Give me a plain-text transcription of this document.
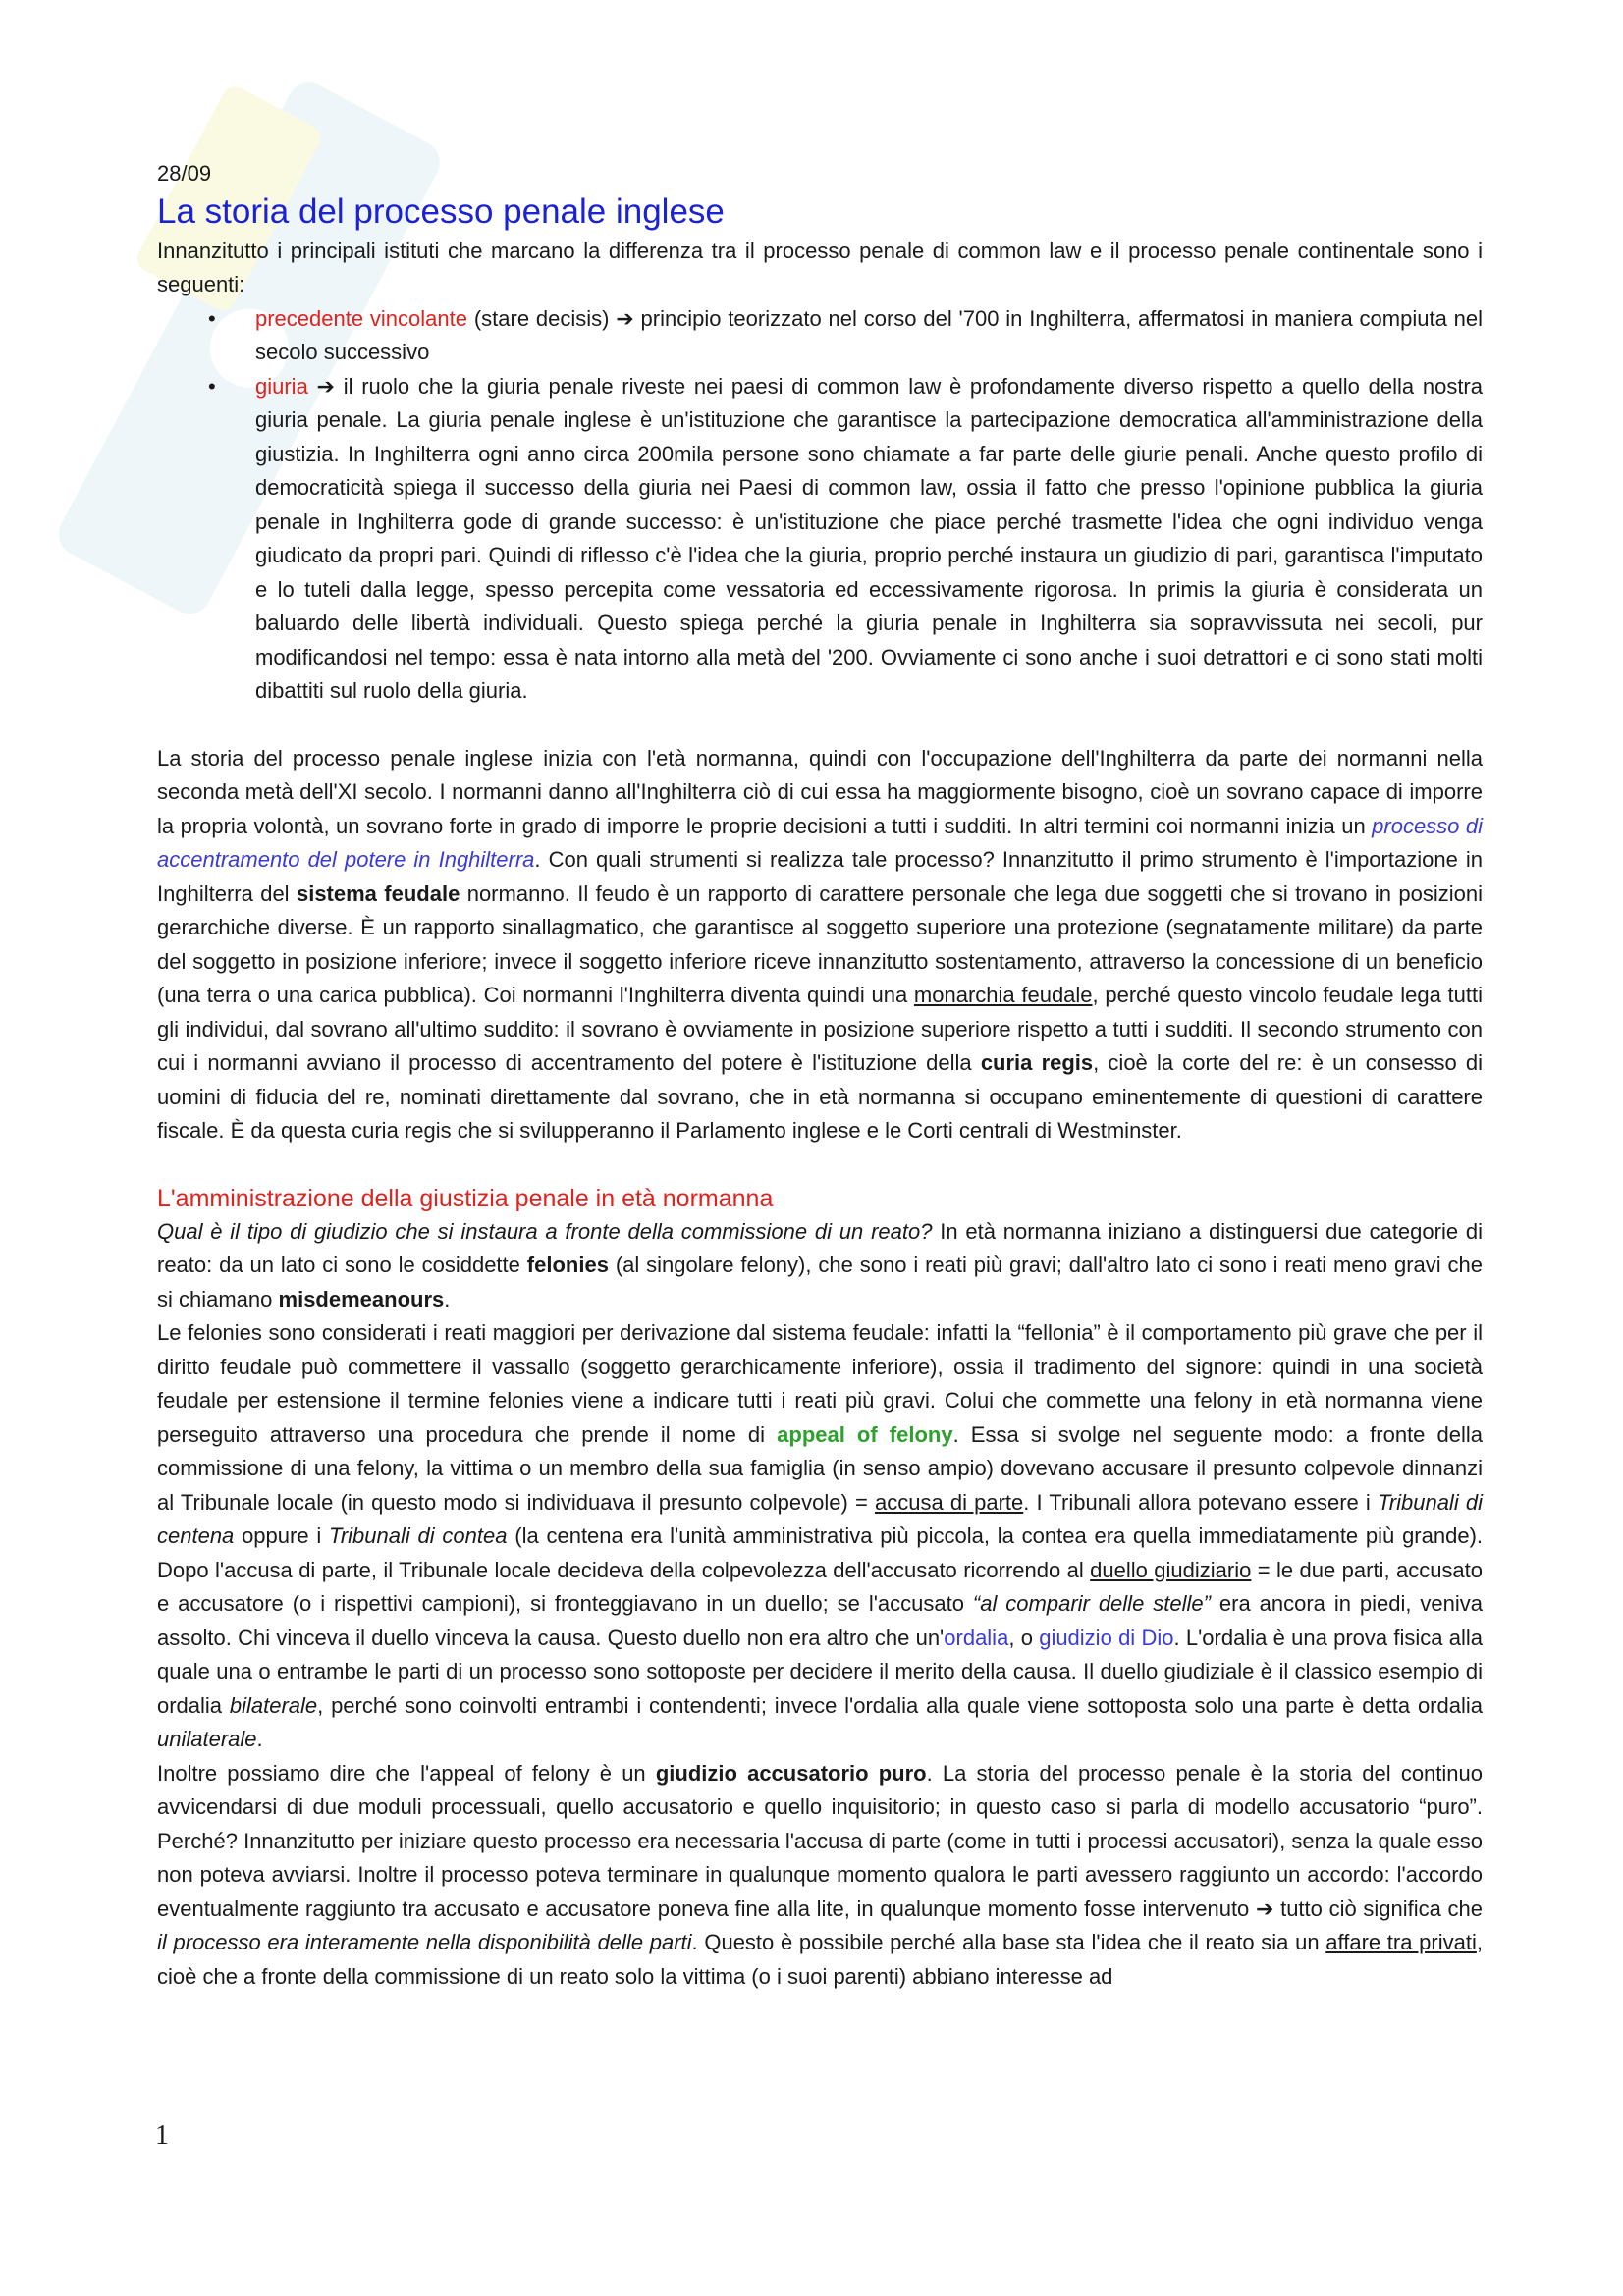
28/09
La storia del processo penale inglese

Innanzitutto i principali istituti che marcano la differenza tra il processo penale di common law e il processo penale continentale sono i seguenti:

• precedente vincolante (stare decisis) ➔ principio teorizzato nel corso del '700 in Inghilterra, affermatosi in maniera compiuta nel secolo successivo
• giuria ➔ il ruolo che la giuria penale riveste nei paesi di common law è profondamente diverso rispetto a quello della nostra giuria penale. La giuria penale inglese è un'istituzione che garantisce la partecipazione democratica all'amministrazione della giustizia. In Inghilterra ogni anno circa 200mila persone sono chiamate a far parte delle giurie penali. Anche questo profilo di democraticità spiega il successo della giuria nei Paesi di common law, ossia il fatto che presso l'opinione pubblica la giuria penale in Inghilterra gode di grande successo: è un'istituzione che piace perché trasmette l'idea che ogni individuo venga giudicato da propri pari. Quindi di riflesso c'è l'idea che la giuria, proprio perché instaura un giudizio di pari, garantisca l'imputato e lo tuteli dalla legge, spesso percepita come vessatoria ed eccessivamente rigorosa. In primis la giuria è considerata un baluardo delle libertà individuali. Questo spiega perché la giuria penale in Inghilterra sia sopravvissuta nei secoli, pur modificandosi nel tempo: essa è nata intorno alla metà del '200. Ovviamente ci sono anche i suoi detrattori e ci sono stati molti dibattiti sul ruolo della giuria.

La storia del processo penale inglese inizia con l'età normanna, quindi con l'occupazione dell'Inghilterra da parte dei normanni nella seconda metà dell'XI secolo. I normanni danno all'Inghilterra ciò di cui essa ha maggiormente bisogno, cioè un sovrano capace di imporre la propria volontà, un sovrano forte in grado di imporre le proprie decisioni a tutti i sudditi. In altri termini coi normanni inizia un processo di accentramento del potere in Inghilterra. Con quali strumenti si realizza tale processo? Innanzitutto il primo strumento è l'importazione in Inghilterra del sistema feudale normanno. Il feudo è un rapporto di carattere personale che lega due soggetti che si trovano in posizioni gerarchiche diverse. È un rapporto sinallagmatico, che garantisce al soggetto superiore una protezione (segnatamente militare) da parte del soggetto in posizione inferiore; invece il soggetto inferiore riceve innanzitutto sostentamento, attraverso la concessione di un beneficio (una terra o una carica pubblica). Coi normanni l'Inghilterra diventa quindi una monarchia feudale, perché questo vincolo feudale lega tutti gli individui, dal sovrano all'ultimo suddito: il sovrano è ovviamente in posizione superiore rispetto a tutti i sudditi. Il secondo strumento con cui i normanni avviano il processo di accentramento del potere è l'istituzione della curia regis, cioè la corte del re: è un consesso di uomini di fiducia del re, nominati direttamente dal sovrano, che in età normanna si occupano eminentemente di questioni di carattere fiscale. È da questa curia regis che si svilupperanno il Parlamento inglese e le Corti centrali di Westminster.

L'amministrazione della giustizia penale in età normanna

Qual è il tipo di giudizio che si instaura a fronte della commissione di un reato? In età normanna iniziano a distinguersi due categorie di reato: da un lato ci sono le cosiddette felonies (al singolare felony), che sono i reati più gravi; dall'altro lato ci sono i reati meno gravi che si chiamano misdemeanours.

Le felonies sono considerati i reati maggiori per derivazione dal sistema feudale: infatti la “fellonia” è il comportamento più grave che per il diritto feudale può commettere il vassallo (soggetto gerarchicamente inferiore), ossia il tradimento del signore: quindi in una società feudale per estensione il termine felonies viene a indicare tutti i reati più gravi. Colui che commette una felony in età normanna viene perseguito attraverso una procedura che prende il nome di appeal of felony. Essa si svolge nel seguente modo: a fronte della commissione di una felony, la vittima o un membro della sua famiglia (in senso ampio) dovevano accusare il presunto colpevole dinnanzi al Tribunale locale (in questo modo si individuava il presunto colpevole) = accusa di parte. I Tribunali allora potevano essere i Tribunali di centena oppure i Tribunali di contea (la centena era l'unità amministrativa più piccola, la contea era quella immediatamente più grande). Dopo l'accusa di parte, il Tribunale locale decideva della colpevolezza dell'accusato ricorrendo al duello giudiziario = le due parti, accusato e accusatore (o i rispettivi campioni), si fronteggiavano in un duello; se l'accusato “al comparir delle stelle” era ancora in piedi, veniva assolto. Chi vinceva il duello vinceva la causa. Questo duello non era altro che un'ordalia, o giudizio di Dio. L'ordalia è una prova fisica alla quale una o entrambe le parti di un processo sono sottoposte per decidere il merito della causa. Il duello giudiziale è il classico esempio di ordalia bilaterale, perché sono coinvolti entrambi i contendenti; invece l'ordalia alla quale viene sottoposta solo una parte è detta ordalia unilaterale.

Inoltre possiamo dire che l'appeal of felony è un giudizio accusatorio puro. La storia del processo penale è la storia del continuo avvicendarsi di due moduli processuali, quello accusatorio e quello inquisitorio; in questo caso si parla di modello accusatorio “puro”. Perché? Innanzitutto per iniziare questo processo era necessaria l'accusa di parte (come in tutti i processi accusatori), senza la quale esso non poteva avviarsi. Inoltre il processo poteva terminare in qualunque momento qualora le parti avessero raggiunto un accordo: l'accordo eventualmente raggiunto tra accusato e accusatore poneva fine alla lite, in qualunque momento fosse intervenuto ➔ tutto ciò significa che il processo era interamente nella disponibilità delle parti. Questo è possibile perché alla base sta l'idea che il reato sia un affare tra privati, cioè che a fronte della commissione di un reato solo la vittima (o i suoi parenti) abbiano interesse ad

1
